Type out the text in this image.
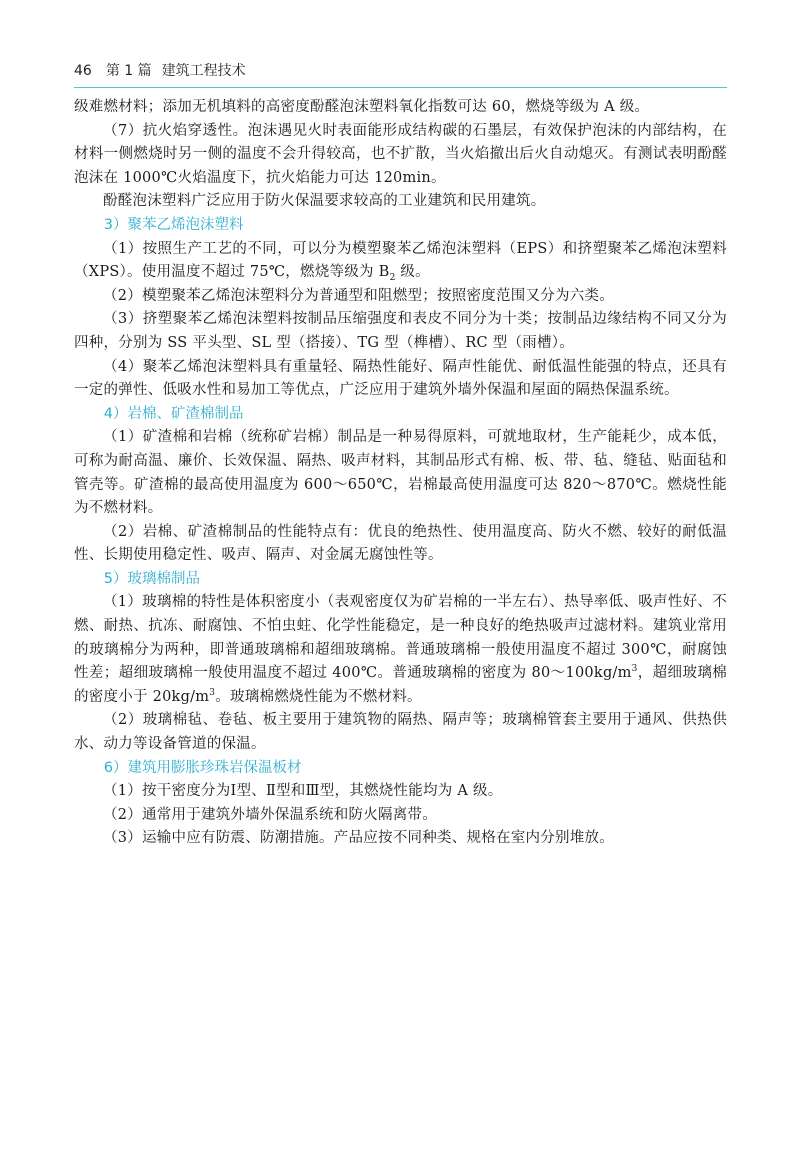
46 第 1 篇 建筑工程技术

级难燃材料；添加无机填料的高密度酚醛泡沫塑料氧化指数可达 60，燃烧等级为 A 级。

（7）抗火焰穿透性。泡沫遇见火时表面能形成结构碳的石墨层，有效保护泡沫的内部结构，在材料一侧燃烧时另一侧的温度不会升得较高，也不扩散，当火焰撤出后火自动熄灭。有测试表明酚醛泡沫在 1000℃火焰温度下，抗火焰能力可达 120min。

酚醛泡沫塑料广泛应用于防火保温要求较高的工业建筑和民用建筑。

3）聚苯乙烯泡沫塑料

（1）按照生产工艺的不同，可以分为模塑聚苯乙烯泡沫塑料（EPS）和挤塑聚苯乙烯泡沫塑料（XPS）。使用温度不超过 75℃，燃烧等级为 $B_2$ 级。

（2）模塑聚苯乙烯泡沫塑料分为普通型和阻燃型；按照密度范围又分为六类。

（3）挤塑聚苯乙烯泡沫塑料按制品压缩强度和表皮不同分为十类；按制品边缘结构不同又分为四种，分别为 SS 平头型、SL 型（搭接）、TG 型（榫槽）、RC 型（雨槽）。

（4）聚苯乙烯泡沫塑料具有重量轻、隔热性能好、隔声性能优、耐低温性能强的特点，还具有一定的弹性、低吸水性和易加工等优点，广泛应用于建筑外墙外保温和屋面的隔热保温系统。

4）岩棉、矿渣棉制品

（1）矿渣棉和岩棉（统称矿岩棉）制品是一种易得原料，可就地取材，生产能耗少，成本低，可称为耐高温、廉价、长效保温、隔热、吸声材料，其制品形式有棉、板、带、毡、缝毡、贴面毡和管壳等。矿渣棉的最高使用温度为 600～650℃，岩棉最高使用温度可达 820～870℃。燃烧性能为不燃材料。

（2）岩棉、矿渣棉制品的性能特点有：优良的绝热性、使用温度高、防火不燃、较好的耐低温性、长期使用稳定性、吸声、隔声、对金属无腐蚀性等。

5）玻璃棉制品

（1）玻璃棉的特性是体积密度小（表观密度仅为矿岩棉的一半左右）、热导率低、吸声性好、不燃、耐热、抗冻、耐腐蚀、不怕虫蛀、化学性能稳定，是一种良好的绝热吸声过滤材料。建筑业常用的玻璃棉分为两种，即普通玻璃棉和超细玻璃棉。普通玻璃棉一般使用温度不超过 300℃，耐腐蚀性差；超细玻璃棉一般使用温度不超过 400℃。普通玻璃棉的密度为 $80\sim 100kg/m^3$，超细玻璃棉的密度小于 $20kg/m^3$。玻璃棉燃烧性能为不燃材料。

（2）玻璃棉毡、卷毡、板主要用于建筑物的隔热、隔声等；玻璃棉管套主要用于通风、供热供水、动力等设备管道的保温。

6）建筑用膨胀珍珠岩保温板材

（1）按干密度分为Ⅰ型、Ⅱ型和Ⅲ型，其燃烧性能均为 A 级。

（2）通常用于建筑外墙外保温系统和防火隔离带。

（3）运输中应有防震、防潮措施。产品应按不同种类、规格在室内分别堆放。
